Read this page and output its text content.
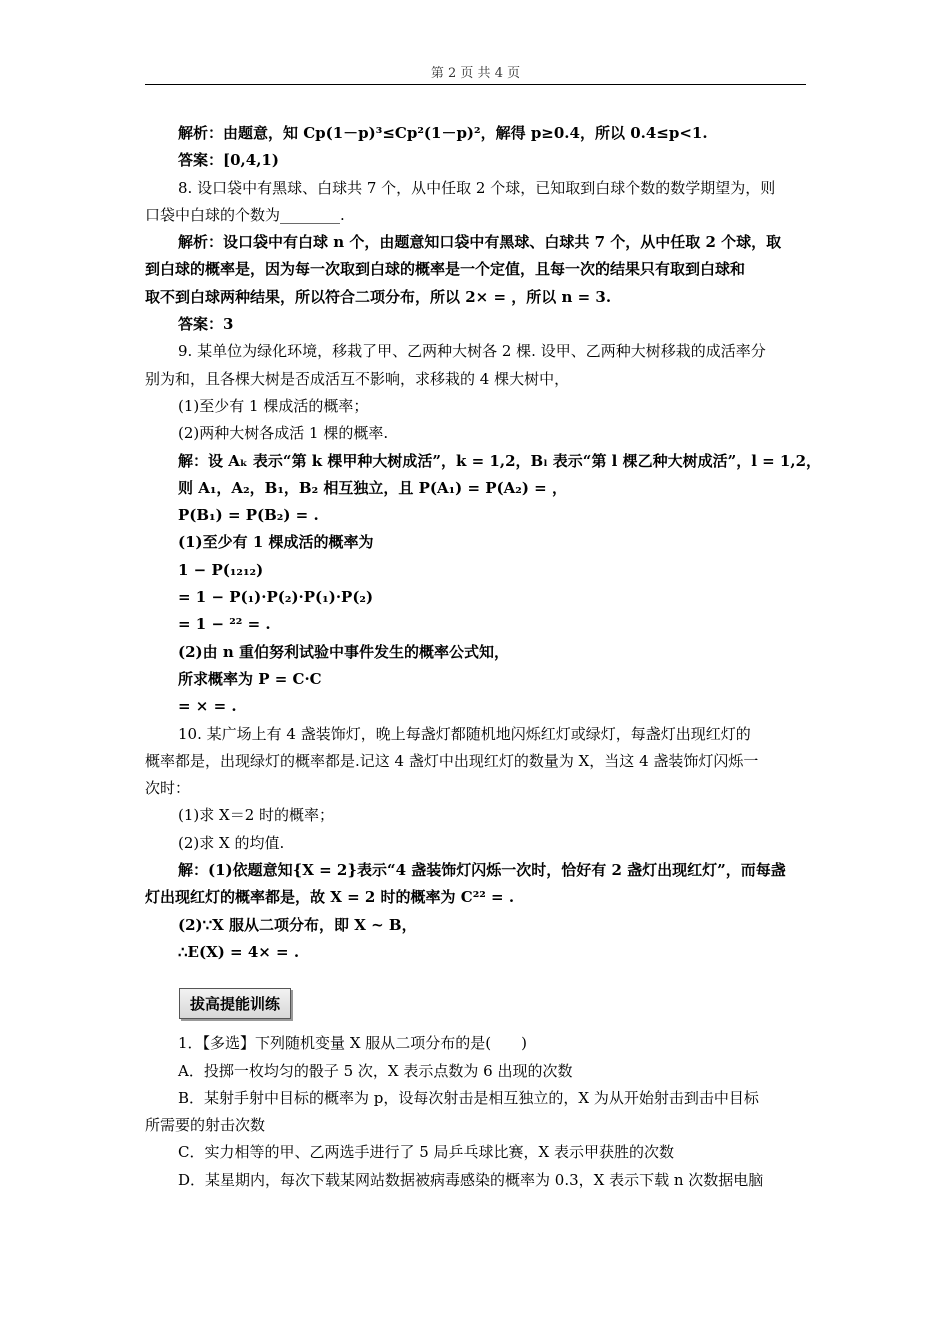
第 2 页 共 4 页
解析：由题意，知 Cp(1－p)³≤Cp²(1－p)²，解得 p≥0.4，所以 0.4≤p<1.
答案：[0,4,1)
8. 设口袋中有黑球、白球共 7 个，从中任取 2 个球，已知取到白球个数的数学期望为，则
口袋中白球的个数为________.
解析：设口袋中有白球 n 个，由题意知口袋中有黑球、白球共 7 个，从中任取 2 个球，取
到白球的概率是，因为每一次取到白球的概率是一个定值，且每一次的结果只有取到白球和
取不到白球两种结果，所以符合二项分布，所以 2× = ，所以 n = 3.
答案：3
9. 某单位为绿化环境，移栽了甲、乙两种大树各 2 棵. 设甲、乙两种大树移栽的成活率分
别为和，且各棵大树是否成活互不影响，求移栽的 4 棵大树中，
(1)至少有 1 棵成活的概率；
(2)两种大树各成活 1 棵的概率.
解：设 Aₖ 表示“第 k 棵甲种大树成活”，k = 1,2，Bₗ 表示“第 l 棵乙种大树成活”，l = 1,2，
则 A₁，A₂，B₁，B₂ 相互独立，且 P(A₁) = P(A₂) = ，
P(B₁) = P(B₂) = .
(1)至少有 1 棵成活的概率为
1 − P(₁₂₁₂)
= 1 − P(₁)·P(₂)·P(₁)·P(₂)
= 1 − ²² = .
(2)由 n 重伯努利试验中事件发生的概率公式知，
所求概率为 P = C·C
= × = .
10. 某广场上有 4 盏装饰灯，晚上每盏灯都随机地闪烁红灯或绿灯，每盏灯出现红灯的
概率都是，出现绿灯的概率都是.记这 4 盏灯中出现红灯的数量为 X，当这 4 盏装饰灯闪烁一
次时：
(1)求 X＝2 时的概率；
(2)求 X 的均值.
解：(1)依题意知{X = 2}表示“4 盏装饰灯闪烁一次时，恰好有 2 盏灯出现红灯”，而每盏
灯出现红灯的概率都是，故 X = 2 时的概率为 C²² = .
(2)∵X 服从二项分布，即 X ~ B，
∴E(X) = 4× = .
拔高提能训练
1．【多选】下列随机变量 X 服从二项分布的是(　　)
A．投掷一枚均匀的骰子 5 次，X 表示点数为 6 出现的次数
B．某射手射中目标的概率为 p，设每次射击是相互独立的，X 为从开始射击到击中目标
所需要的射击次数
C．实力相等的甲、乙两选手进行了 5 局乒乓球比赛，X 表示甲获胜的次数
D．某星期内，每次下载某网站数据被病毒感染的概率为 0.3，X 表示下载 n 次数据电脑
